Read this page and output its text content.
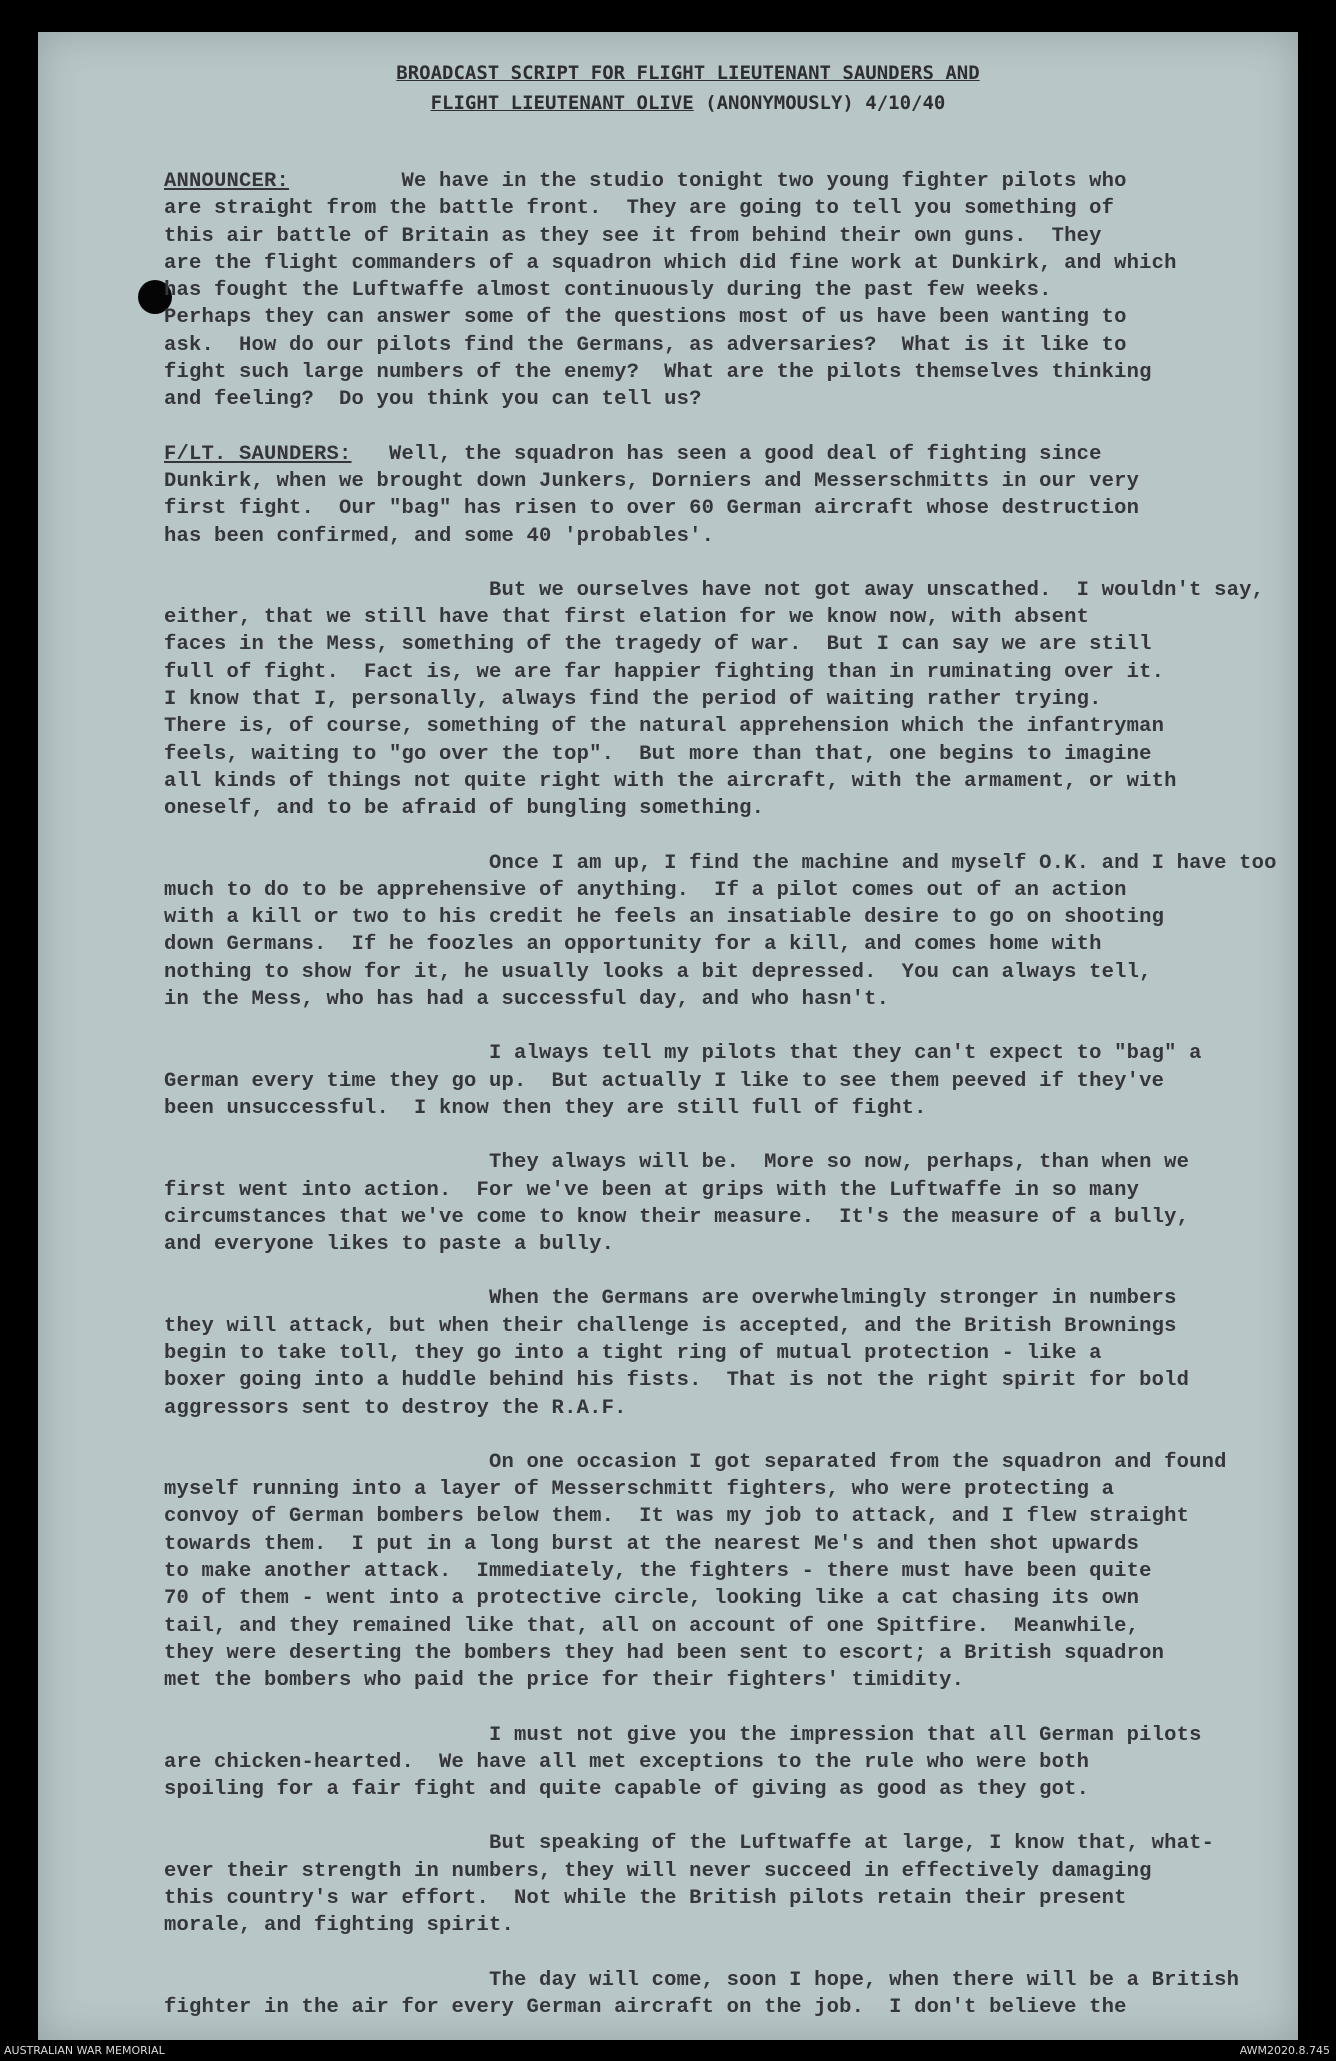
BROADCAST SCRIPT FOR FLIGHT LIEUTENANT SAUNDERS AND
FLIGHT LIEUTENANT OLIVE (ANONYMOUSLY) 4/10/40
ANNOUNCER:         We have in the studio tonight two young fighter pilots who
are straight from the battle front.  They are going to tell you something of
this air battle of Britain as they see it from behind their own guns.  They
are the flight commanders of a squadron which did fine work at Dunkirk, and which
has fought the Luftwaffe almost continuously during the past few weeks.
Perhaps they can answer some of the questions most of us have been wanting to
ask.  How do our pilots find the Germans, as adversaries?  What is it like to
fight such large numbers of the enemy?  What are the pilots themselves thinking
and feeling?  Do you think you can tell us?
F/LT. SAUNDERS:   Well, the squadron has seen a good deal of fighting since
Dunkirk, when we brought down Junkers, Dorniers and Messerschmitts in our very
first fight.  Our "bag" has risen to over 60 German aircraft whose destruction
has been confirmed, and some 40 'probables'.
But we ourselves have not got away unscathed.  I wouldn't say,
either, that we still have that first elation for we know now, with absent
faces in the Mess, something of the tragedy of war.  But I can say we are still
full of fight.  Fact is, we are far happier fighting than in ruminating over it.
I know that I, personally, always find the period of waiting rather trying.
There is, of course, something of the natural apprehension which the infantryman
feels, waiting to "go over the top".  But more than that, one begins to imagine
all kinds of things not quite right with the aircraft, with the armament, or with
oneself, and to be afraid of bungling something.
Once I am up, I find the machine and myself O.K. and I have too
much to do to be apprehensive of anything.  If a pilot comes out of an action
with a kill or two to his credit he feels an insatiable desire to go on shooting
down Germans.  If he foozles an opportunity for a kill, and comes home with
nothing to show for it, he usually looks a bit depressed.  You can always tell,
in the Mess, who has had a successful day, and who hasn't.
I always tell my pilots that they can't expect to "bag" a
German every time they go up.  But actually I like to see them peeved if they've
been unsuccessful.  I know then they are still full of fight.
They always will be.  More so now, perhaps, than when we
first went into action.  For we've been at grips with the Luftwaffe in so many
circumstances that we've come to know their measure.  It's the measure of a bully,
and everyone likes to paste a bully.
When the Germans are overwhelmingly stronger in numbers
they will attack, but when their challenge is accepted, and the British Brownings
begin to take toll, they go into a tight ring of mutual protection - like a
boxer going into a huddle behind his fists.  That is not the right spirit for bold
aggressors sent to destroy the R.A.F.
On one occasion I got separated from the squadron and found
myself running into a layer of Messerschmitt fighters, who were protecting a
convoy of German bombers below them.  It was my job to attack, and I flew straight
towards them.  I put in a long burst at the nearest Me's and then shot upwards
to make another attack.  Immediately, the fighters - there must have been quite
70 of them - went into a protective circle, looking like a cat chasing its own
tail, and they remained like that, all on account of one Spitfire.  Meanwhile,
they were deserting the bombers they had been sent to escort; a British squadron
met the bombers who paid the price for their fighters' timidity.
I must not give you the impression that all German pilots
are chicken-hearted.  We have all met exceptions to the rule who were both
spoiling for a fair fight and quite capable of giving as good as they got.
But speaking of the Luftwaffe at large, I know that, what-
ever their strength in numbers, they will never succeed in effectively damaging
this country's war effort.  Not while the British pilots retain their present
morale, and fighting spirit.
The day will come, soon I hope, when there will be a British
fighter in the air for every German aircraft on the job.  I don't believe the
AUSTRALIAN WAR MEMORIAL	AWM2020.8.745
